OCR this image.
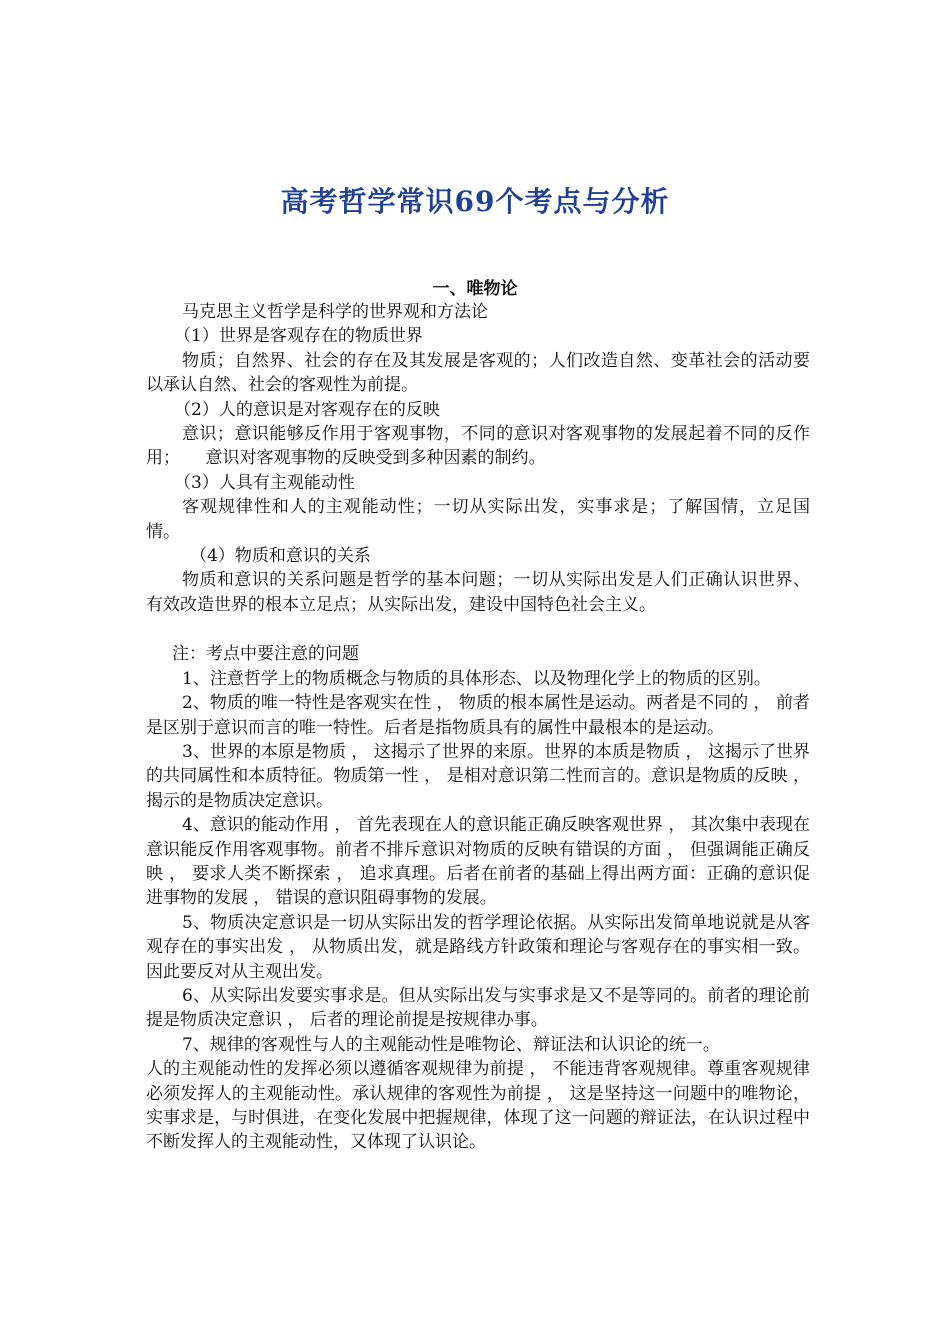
高考哲学常识69个考点与分析
一、唯物论

马克思主义哲学是科学的世界观和方法论

（1）世界是客观存在的物质世界

物质；自然界、社会的存在及其发展是客观的；人们改造自然、变革社会的活动要以承认自然、社会的客观性为前提。

（2）人的意识是对客观存在的反映

意识；意识能够反作用于客观事物，不同的意识对客观事物的发展起着不同的反作用；　　意识对客观事物的反映受到多种因素的制约。

（3）人具有主观能动性

客观规律性和人的主观能动性；一切从实际出发，实事求是；了解国情，立足国情。

（4）物质和意识的关系

物质和意识的关系问题是哲学的基本问题；一切从实际出发是人们正确认识世界、有效改造世界的根本立足点；从实际出发，建设中国特色社会主义。

注：考点中要注意的问题

1、注意哲学上的物质概念与物质的具体形态、以及物理化学上的物质的区别。

2、物质的唯一特性是客观实在性 ， 物质的根本属性是运动。两者是不同的 ， 前者是区别于意识而言的唯一特性。后者是指物质具有的属性中最根本的是运动。

3、世界的本原是物质 ， 这揭示了世界的来原。世界的本质是物质 ， 这揭示了世界的共同属性和本质特征。物质第一性 ， 是相对意识第二性而言的。意识是物质的反映 ， 揭示的是物质决定意识。

4、意识的能动作用 ， 首先表现在人的意识能正确反映客观世界 ， 其次集中表现在意识能反作用客观事物。前者不排斥意识对物质的反映有错误的方面 ， 但强调能正确反映 ， 要求人类不断探索 ， 追求真理。后者在前者的基础上得出两方面：正确的意识促进事物的发展 ， 错误的意识阻碍事物的发展。

5、物质决定意识是一切从实际出发的哲学理论依据。从实际出发简单地说就是从客观存在的事实出发 ， 从物质出发，就是路线方针政策和理论与客观存在的事实相一致。因此要反对从主观出发。

6、从实际出发要实事求是。但从实际出发与实事求是又不是等同的。前者的理论前提是物质决定意识 ， 后者的理论前提是按规律办事。

7、规律的客观性与人的主观能动性是唯物论、辩证法和认识论的统一。

人的主观能动性的发挥必须以遵循客观规律为前提 ， 不能违背客观规律。尊重客观规律必须发挥人的主观能动性。承认规律的客观性为前提 ， 这是坚持这一问题中的唯物论，实事求是，与时俱进，在变化发展中把握规律，体现了这一问题的辩证法，在认识过程中不断发挥人的主观能动性，又体现了认识论。
